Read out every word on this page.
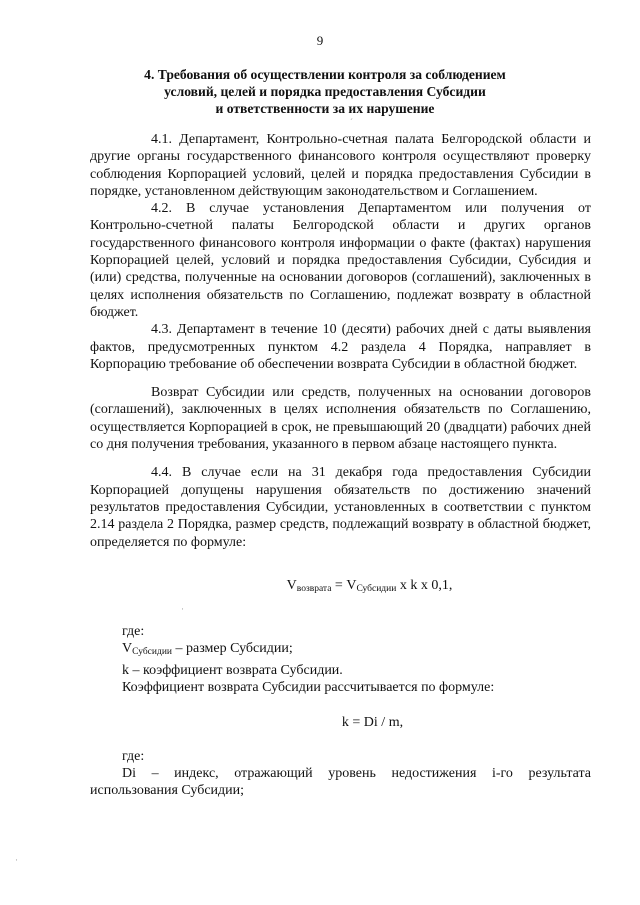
9
4. Требования об осуществлении контроля за соблюдением
условий, целей и порядка предоставления Субсидии
и ответственности за их нарушение

4.1. Департамент, Контрольно-счетная палата Белгородской области и другие органы государственного финансового контроля осуществляют проверку соблюдения Корпорацией условий, целей и порядка предоставления Субсидии в порядке, установленном действующим законодательством и Соглашением.

4.2. В случае установления Департаментом или получения от Контрольно-счетной палаты Белгородской области и других органов государственного финансового контроля информации о факте (фактах) нарушения Корпорацией целей, условий и порядка предоставления Субсидии, Субсидия и (или) средства, полученные на основании договоров (соглашений), заключенных в целях исполнения обязательств по Соглашению, подлежат возврату в областной бюджет.

4.3. Департамент в течение 10 (десяти) рабочих дней с даты выявления фактов, предусмотренных пунктом 4.2 раздела 4 Порядка, направляет в Корпорацию требование об обеспечении возврата Субсидии в областной бюджет.

Возврат Субсидии или средств, полученных на основании договоров (соглашений), заключенных в целях исполнения обязательств по Соглашению, осуществляется Корпорацией в срок, не превышающий 20 (двадцати) рабочих дней со дня получения требования, указанного в первом абзаце настоящего пункта.

4.4. В случае если на 31 декабря года предоставления Субсидии Корпорацией допущены нарушения обязательств по достижению значений результатов предоставления Субсидии, установленных в соответствии с пунктом 2.14 раздела 2 Порядка, размер средств, подлежащий возврату в областной бюджет, определяется по формуле:

$V_{возврата} = V_{Субсидии}$ x k x 0,1,

где:

$V_{Субсидии}$ – размер Субсидии;

k – коэффициент возврата Субсидии.

Коэффициент возврата Субсидии рассчитывается по формуле:

k = Di / m,

где:

Di – индекс, отражающий уровень недостижения i-го результата использования Субсидии;

ˊ
·
·
